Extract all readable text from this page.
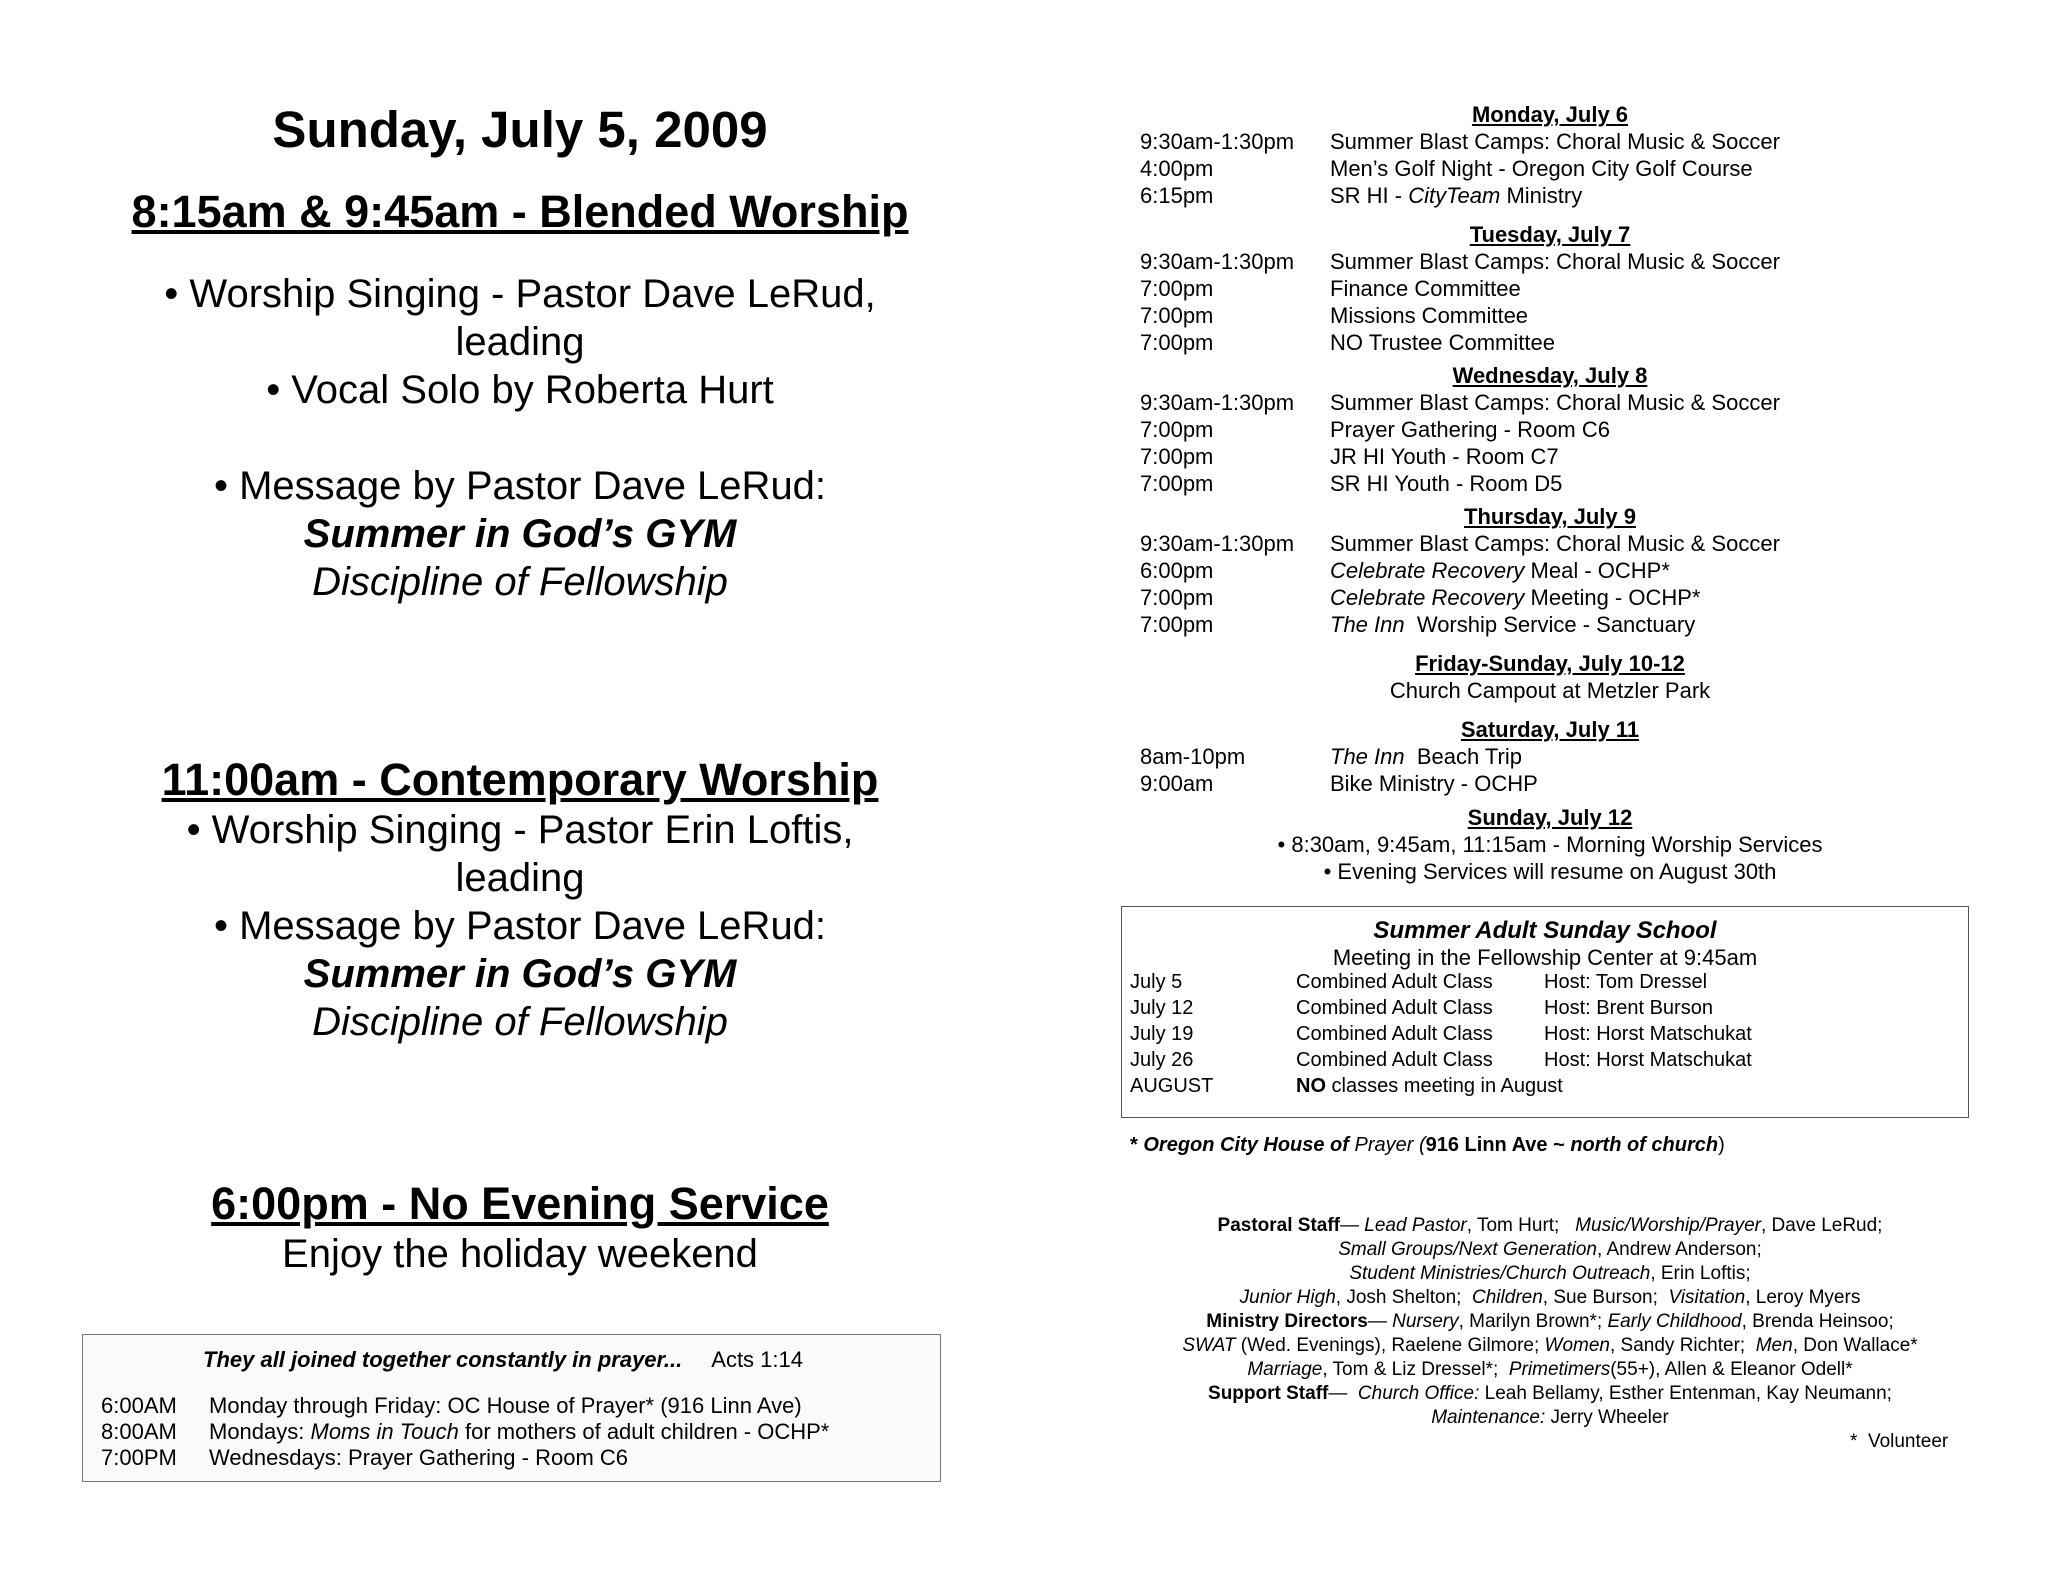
Sunday, July 5, 2009
8:15am & 9:45am - Blended Worship
• Worship Singing - Pastor Dave LeRud,
leading
• Vocal Solo by Roberta Hurt
• Message by Pastor Dave LeRud:
Summer in God’s GYM
Discipline of Fellowship
11:00am - Contemporary Worship
• Worship Singing - Pastor Erin Loftis,
leading
• Message by Pastor Dave LeRud:
Summer in God’s GYM
Discipline of Fellowship
6:00pm - No Evening Service
Enjoy the holiday weekend
They all joined together constantly in prayer... Acts 1:14
6:00AM Monday through Friday: OC House of Prayer* (916 Linn Ave)
8:00AM Mondays: Moms in Touch for mothers of adult children - OCHP*
7:00PM Wednesdays: Prayer Gathering - Room C6
Monday, July 6
9:30am-1:30pm Summer Blast Camps: Choral Music & Soccer
4:00pm	Men’s Golf Night - Oregon City Golf Course
6:15pm	SR HI - CityTeam Ministry
Tuesday, July 7
9:30am-1:30pm Summer Blast Camps: Choral Music & Soccer
7:00pm	Finance Committee
7:00pm	Missions Committee
7:00pm	NO Trustee Committee
Wednesday, July 8
9:30am-1:30pm Summer Blast Camps: Choral Music & Soccer
7:00pm	Prayer Gathering - Room C6
7:00pm	JR HI Youth - Room C7
7:00pm	SR HI Youth - Room D5
Thursday, July 9
9:30am-1:30pm Summer Blast Camps: Choral Music & Soccer
6:00pm	Celebrate Recovery Meal - OCHP*
7:00pm	Celebrate Recovery Meeting - OCHP*
7:00pm	The Inn  Worship Service - Sanctuary
Friday-Sunday, July 10-12
Church Campout at Metzler Park
Saturday, July 11
8am-10pm	The Inn  Beach Trip
9:00am	Bike Ministry - OCHP
Sunday, July 12
• 8:30am, 9:45am, 11:15am - Morning Worship Services
• Evening Services will resume on August 30th
Summer Adult Sunday School
Meeting in the Fellowship Center at 9:45am
July 5	Combined Adult Class	Host: Tom Dressel
July 12	Combined Adult Class	Host: Brent Burson
July 19	Combined Adult Class	Host: Horst Matschukat
July 26	Combined Adult Class	Host: Horst Matschukat
AUGUST	NO classes meeting in August
* Oregon City House of Prayer (916 Linn Ave ~ north of church)
Pastoral Staff— Lead Pastor, Tom Hurt;   Music/Worship/Prayer, Dave LeRud;
Small Groups/Next Generation, Andrew Anderson;
Student Ministries/Church Outreach, Erin Loftis;
Junior High, Josh Shelton;  Children, Sue Burson;  Visitation, Leroy Myers
Ministry Directors— Nursery, Marilyn Brown*; Early Childhood, Brenda Heinsoo;
SWAT (Wed. Evenings), Raelene Gilmore; Women, Sandy Richter;  Men, Don Wallace*
Marriage, Tom & Liz Dressel*;  Primetimers(55+), Allen & Eleanor Odell*
Support Staff—  Church Office: Leah Bellamy, Esther Entenman, Kay Neumann;
Maintenance: Jerry Wheeler
*  Volunteer
